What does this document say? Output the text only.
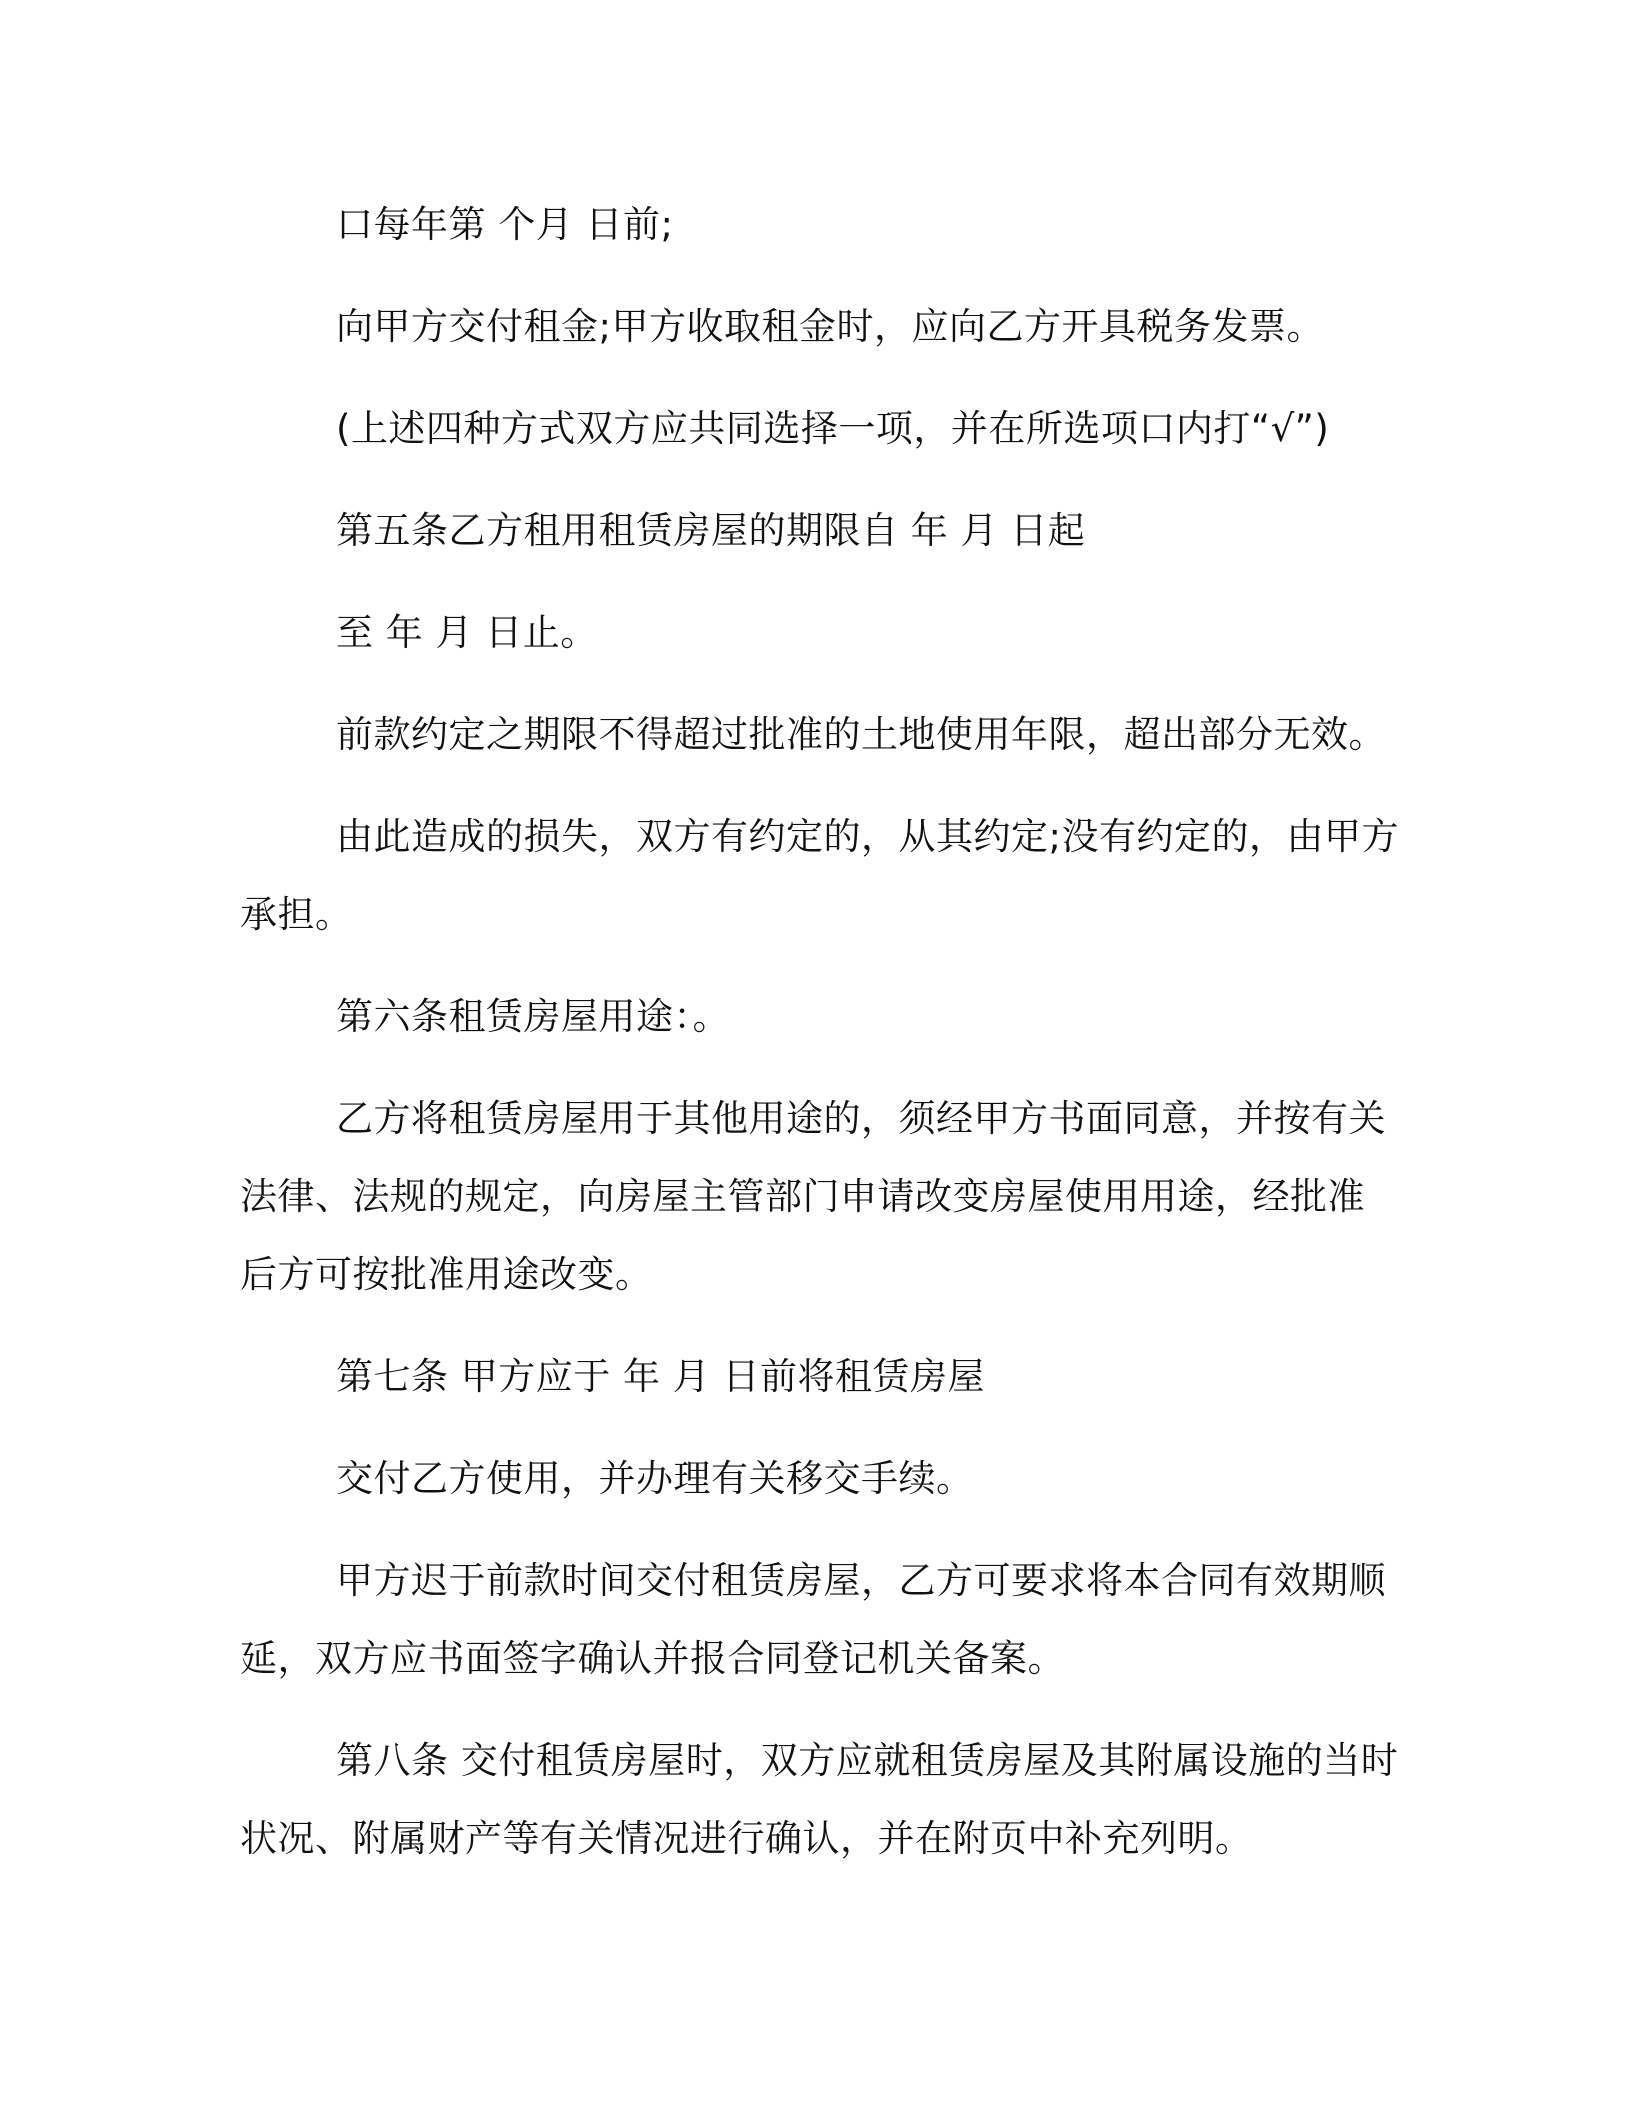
口每年第 个月 日前;

向甲方交付租金;甲方收取租金时，应向乙方开具税务发票。

(上述四种方式双方应共同选择一项，并在所选项口内打“√”)

第五条乙方租用租赁房屋的期限自 年 月 日起

至 年 月 日止。

前款约定之期限不得超过批准的土地使用年限，超出部分无效。

由此造成的损失，双方有约定的，从其约定;没有约定的，由甲方承担。

第六条租赁房屋用途：。

乙方将租赁房屋用于其他用途的，须经甲方书面同意，并按有关法律、法规的规定，向房屋主管部门申请改变房屋使用用途，经批准后方可按批准用途改变。

第七条 甲方应于 年 月 日前将租赁房屋

交付乙方使用，并办理有关移交手续。

甲方迟于前款时间交付租赁房屋，乙方可要求将本合同有效期顺延，双方应书面签字确认并报合同登记机关备案。

第八条 交付租赁房屋时，双方应就租赁房屋及其附属设施的当时状况、附属财产等有关情况进行确认，并在附页中补充列明。
